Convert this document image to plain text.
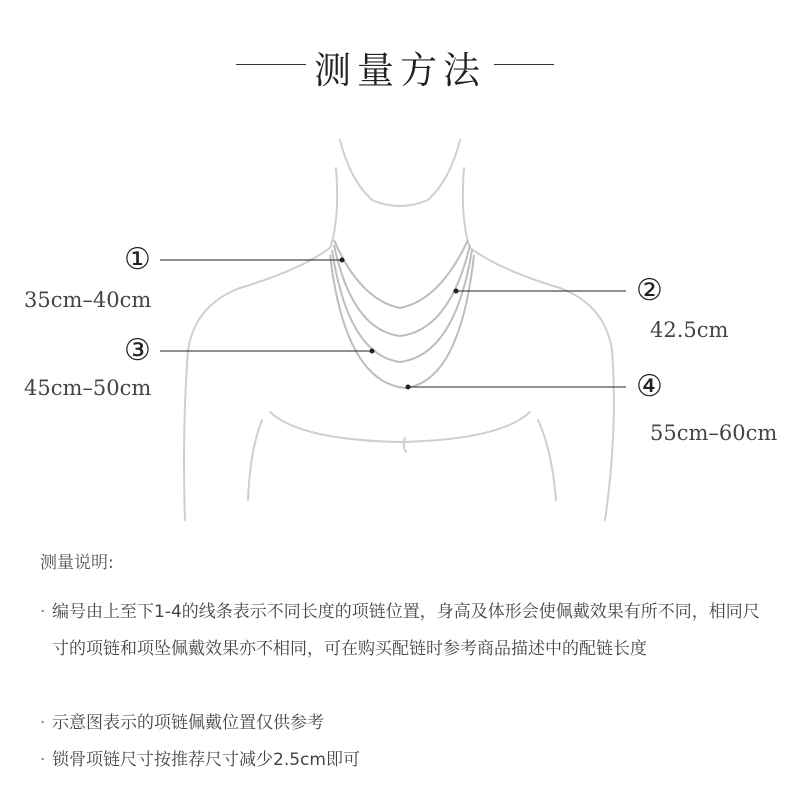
测量方法
①
35cm–40cm	②
42.5cm
③
45cm–50cm	④
55cm–60cm
测量说明:
· 编号由上至下1-4的线条表示不同长度的项链位置，身高及体形会使佩戴效果有所不同，相同尺寸的项链和项坠佩戴效果亦不相同，可在购买配链时参考商品描述中的配链长度
· 示意图表示的项链佩戴位置仅供参考
· 锁骨项链尺寸按推荐尺寸减少2.5cm即可
